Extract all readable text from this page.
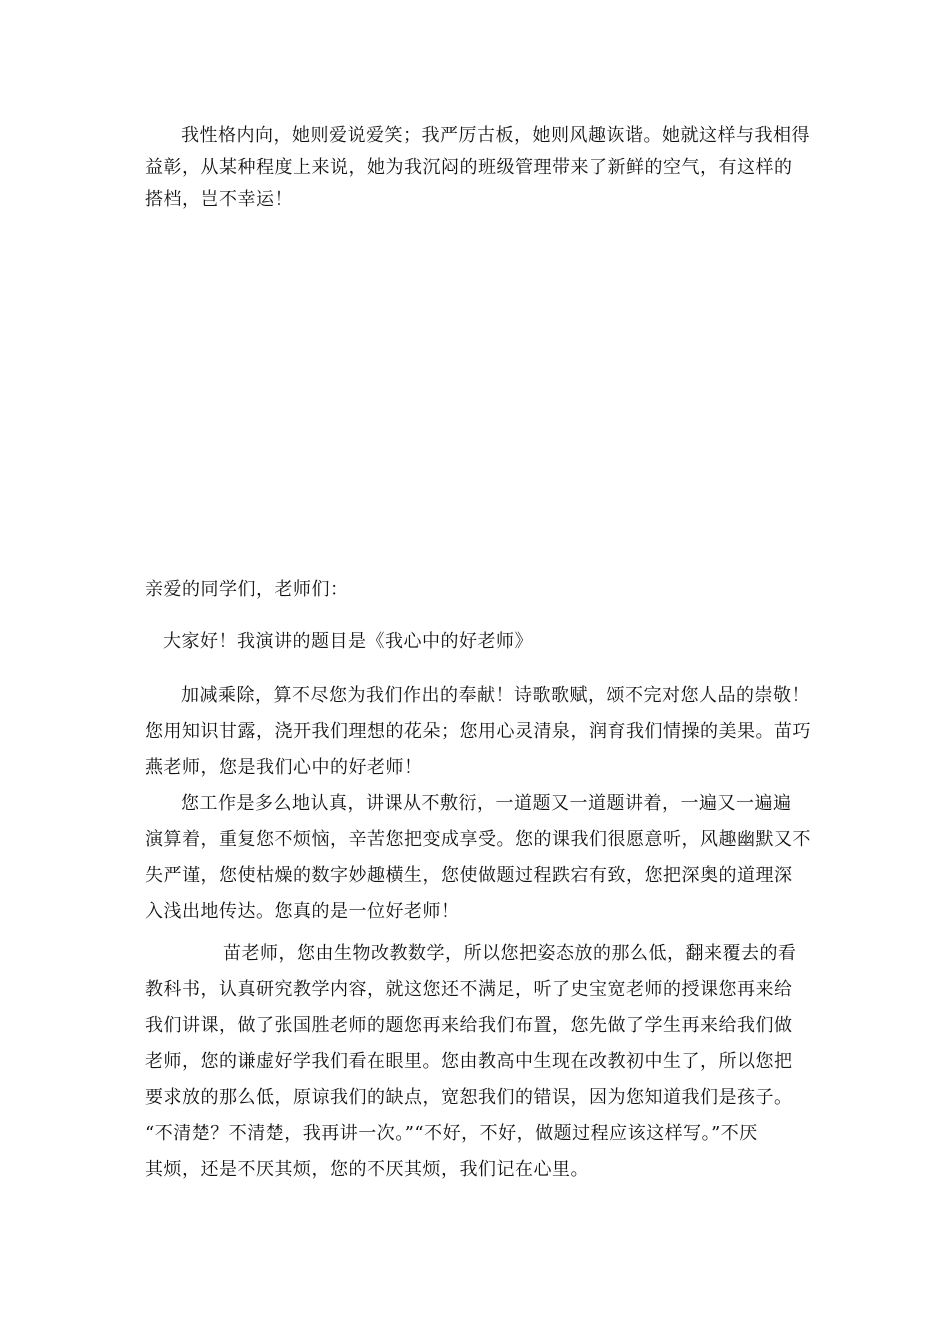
我性格内向，她则爱说爱笑；我严厉古板，她则风趣诙谐。她就这样与我相得
益彰，从某种程度上来说，她为我沉闷的班级管理带来了新鲜的空气，有这样的
搭档，岂不幸运！
亲爱的同学们，老师们：
大家好！我演讲的题目是《我心中的好老师》
加减乘除，算不尽您为我们作出的奉献！诗歌歌赋，颂不完对您人品的崇敬！
您用知识甘露，浇开我们理想的花朵；您用心灵清泉，润育我们情操的美果。苗巧
燕老师，您是我们心中的好老师！
您工作是多么地认真，讲课从不敷衍，一道题又一道题讲着，一遍又一遍遍
演算着，重复您不烦恼，辛苦您把变成享受。您的课我们很愿意听，风趣幽默又不
失严谨，您使枯燥的数字妙趣横生，您使做题过程跌宕有致，您把深奥的道理深
入浅出地传达。您真的是一位好老师！
苗老师，您由生物改教数学，所以您把姿态放的那么低，翻来覆去的看
教科书，认真研究教学内容，就这您还不满足，听了史宝宽老师的授课您再来给
我们讲课，做了张国胜老师的题您再来给我们布置，您先做了学生再来给我们做
老师，您的谦虚好学我们看在眼里。您由教高中生现在改教初中生了，所以您把
要求放的那么低，原谅我们的缺点，宽恕我们的错误，因为您知道我们是孩子。
“不清楚？不清楚，我再讲一次。”“不好，不好，做题过程应该这样写。”不厌
其烦，还是不厌其烦，您的不厌其烦，我们记在心里。
